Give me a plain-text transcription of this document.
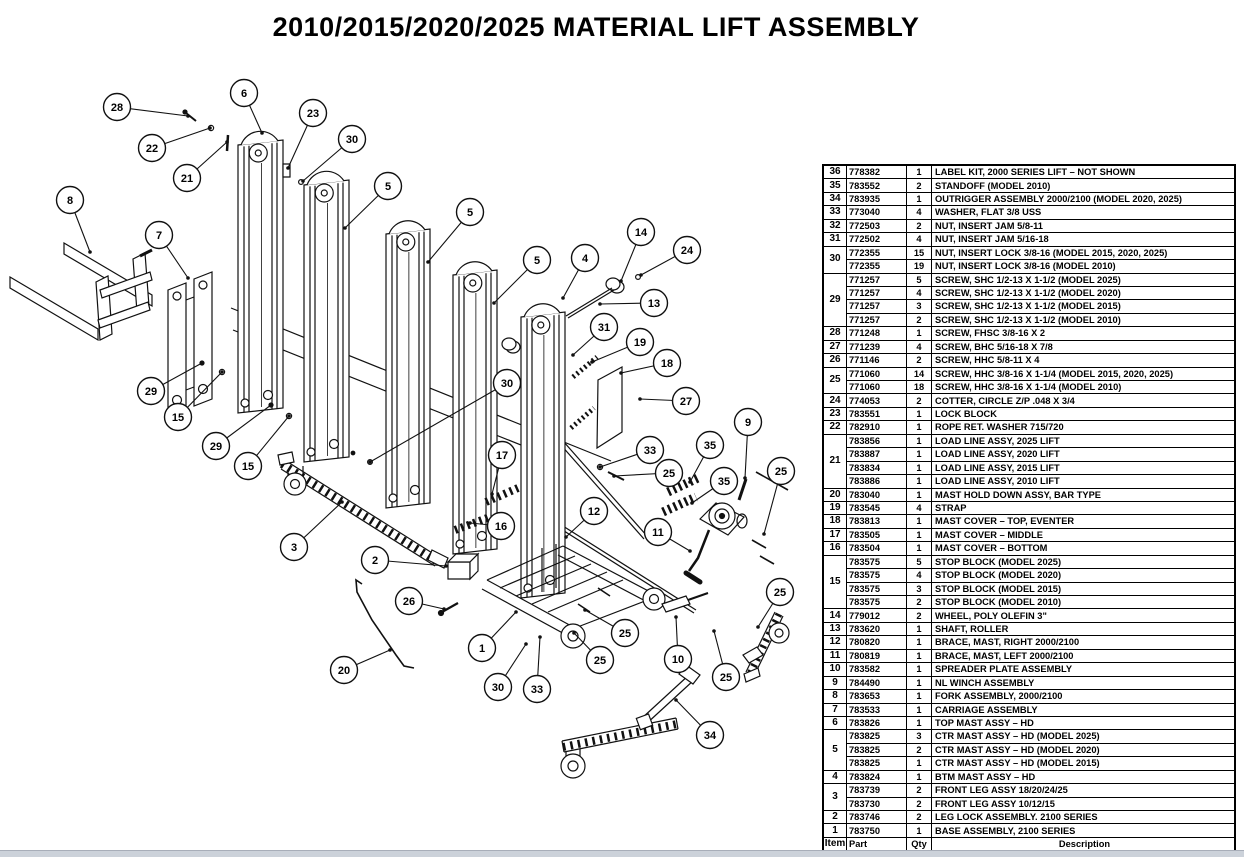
2010/2015/2020/2025 MATERIAL LIFT ASSEMBLY
28
22
21
6
23
30
8
7
5
5
5	4
14
24
13
31
19
18
27
29
15
29
15
30
17
16
33
25
35
35
9
25
12
11
2
3
26
1
20
30 33
25
25	10
25
25
34
36 778382	1	LABEL KIT, 2000 SERIES LIFT – NOT SHOWN
35 783552	2	STANDOFF (MODEL 2010)
34 783935	1	OUTRIGGER ASSEMBLY 2000/2100 (MODEL 2020, 2025)
33 773040	4	WASHER, FLAT 3/8 USS
32 772503	2	NUT, INSERT JAM 5/8-11
31 772502	4	NUT, INSERT JAM 5/16-18
30
772355	15	NUT, INSERT LOCK 3/8-16 (MODEL 2015, 2020, 2025)
772355	19	NUT, INSERT LOCK 3/8-16 (MODEL 2010)
29
771257	5	SCREW, SHC 1/2-13 X 1-1/2 (MODEL 2025)
771257	4	SCREW, SHC 1/2-13 X 1-1/2 (MODEL 2020)
771257	3	SCREW, SHC 1/2-13 X 1-1/2 (MODEL 2015)
771257	2	SCREW, SHC 1/2-13 X 1-1/2 (MODEL 2010)
28 771248	1	SCREW, FHSC 3/8-16 X 2
27 771239	4	SCREW, BHC 5/16-18 X 7/8
26 771146	2	SCREW, HHC 5/8-11 X 4
25
771060	14	SCREW, HHC 3/8-16 X 1-1/4 (MODEL 2015, 2020, 2025)
771060	18	SCREW, HHC 3/8-16 X 1-1/4 (MODEL 2010)
24 774053	2	COTTER, CIRCLE Z/P .048 X 3/4
23 783551	1	LOCK BLOCK
22 782910	1	ROPE RET. WASHER 715/720
21
783856	1	LOAD LINE ASSY, 2025 LIFT
783887	1	LOAD LINE ASSY, 2020 LIFT
783834	1	LOAD LINE ASSY, 2015 LIFT
783886	1	LOAD LINE ASSY, 2010 LIFT
20 783040	1	MAST HOLD DOWN ASSY, BAR TYPE
19 783545	4	STRAP
18 783813	1	MAST COVER – TOP, EVENTER
17 783505	1	MAST COVER – MIDDLE
16 783504	1	MAST COVER – BOTTOM
15
783575	5	STOP BLOCK (MODEL 2025)
783575	4	STOP BLOCK (MODEL 2020)
783575	3	STOP BLOCK (MODEL 2015)
783575	2	STOP BLOCK (MODEL 2010)
14 779012	2	WHEEL, POLY OLEFIN 3"
13 783620	1	SHAFT, ROLLER
12 780820	1	BRACE, MAST, RIGHT 2000/2100
11 780819	1	BRACE, MAST, LEFT 2000/2100
10 783582	1	SPREADER PLATE ASSEMBLY
9	784490	1	NL WINCH ASSEMBLY
8	783653	1	FORK ASSEMBLY, 2000/2100
7	783533	1	CARRIAGE ASSEMBLY
6	783826	1	TOP MAST ASSY – HD
5
783825	3	CTR MAST ASSY – HD (MODEL 2025)
783825	2	CTR MAST ASSY – HD (MODEL 2020)
783825	1	CTR MAST ASSY – HD (MODEL 2015)
4	783824	1	BTM MAST ASSY – HD
3
783739	2	FRONT LEG ASSY 18/20/24/25
783730	2	FRONT LEG ASSY 10/12/15
2	783746	2	LEG LOCK ASSEMBLY. 2100 SERIES
1	783750	1	BASE ASSEMBLY, 2100 SERIES
Item Part	Qty	Description
